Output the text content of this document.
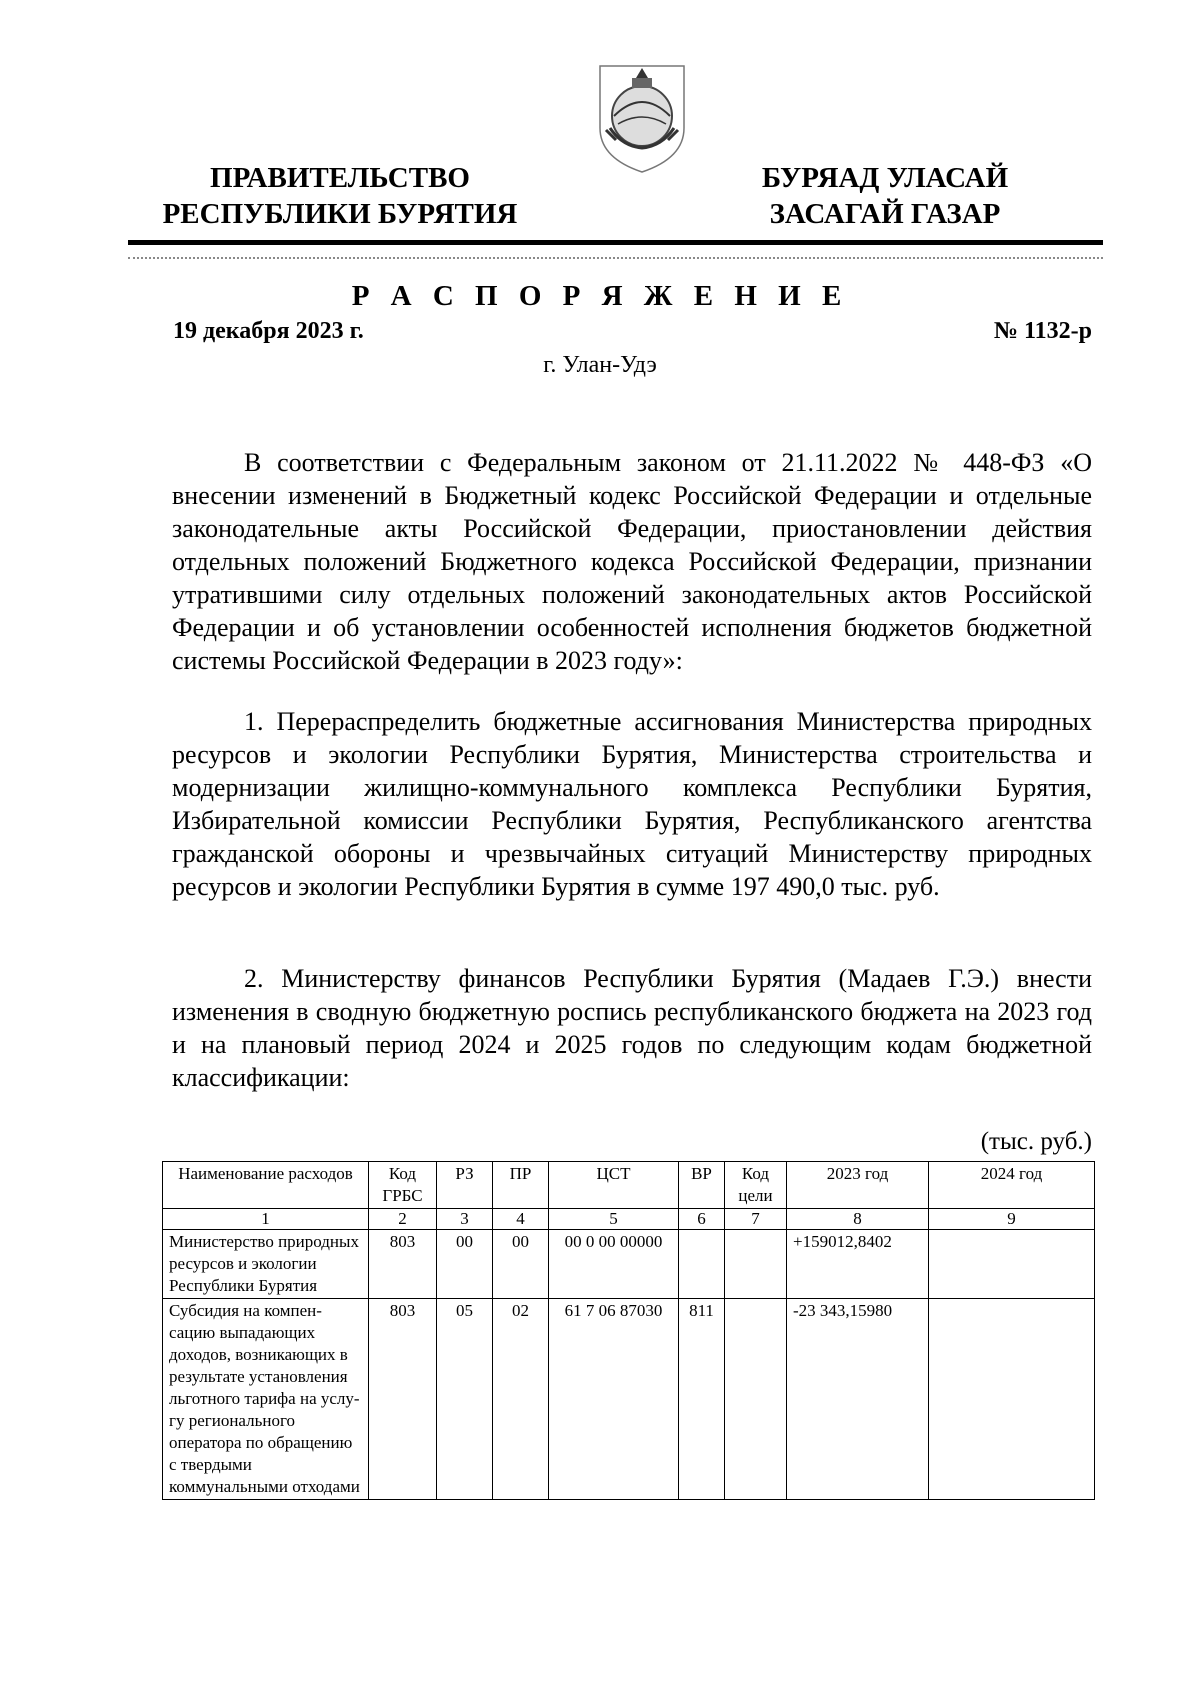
ПРАВИТЕЛЬСТВО
РЕСПУБЛИКИ БУРЯТИЯ
БУРЯАД УЛАСАЙ
ЗАСАГАЙ ГАЗАР
Р А С П О Р Я Ж Е Н И Е
19 декабря 2023 г.	№ 1132-р
г. Улан-Удэ

В соответствии с Федеральным законом от 21.11.2022 № 448-ФЗ «О внесении изменений в Бюджетный кодекс Российской Федерации и отдельные законодательные акты Российской Федерации, приостановлении действия отдельных положений Бюджетного кодекса Российской Федерации, признании утратившими силу отдельных положений законодательных актов Российской Федерации и об установлении особенностей исполнения бюджетов бюджетной системы Российской Федерации в 2023 году»:

1. Перераспределить бюджетные ассигнования Министерства природных ресурсов и экологии Республики Бурятия, Министерства строительства и модернизации жилищно-коммунального комплекса Республики Бурятия, Избирательной комиссии Республики Бурятия, Республиканского агентства гражданской обороны и чрезвычайных ситуаций Министерству природных ресурсов и экологии Республики Бурятия в сумме 197 490,0 тыс. руб.

2. Министерству финансов Республики Бурятия (Мадаев Г.Э.) внести изменения в сводную бюджетную роспись республиканского бюджета на 2023 год и на плановый период 2024 и 2025 годов по следующим кодам бюджетной классификации:

(тыс. руб.)
Наименование расходов	Код ГРБС	РЗ	ПР	ЦСТ	ВР	Код цели	2023 год	2024 год
1	2	3	4	5	6	7	8	9
Министерство природных ресурсов и экологии Республики Бурятия	803	00	00	00 0 00 00000			+159012,8402	
Субсидия на компенсацию выпадающих доходов, возникающих в результате установления льготного тарифа на услугу регионального оператора по обращению с твердыми коммунальными отходами	803	05	02	61 7 06 87030	811		-23 343,15980	
